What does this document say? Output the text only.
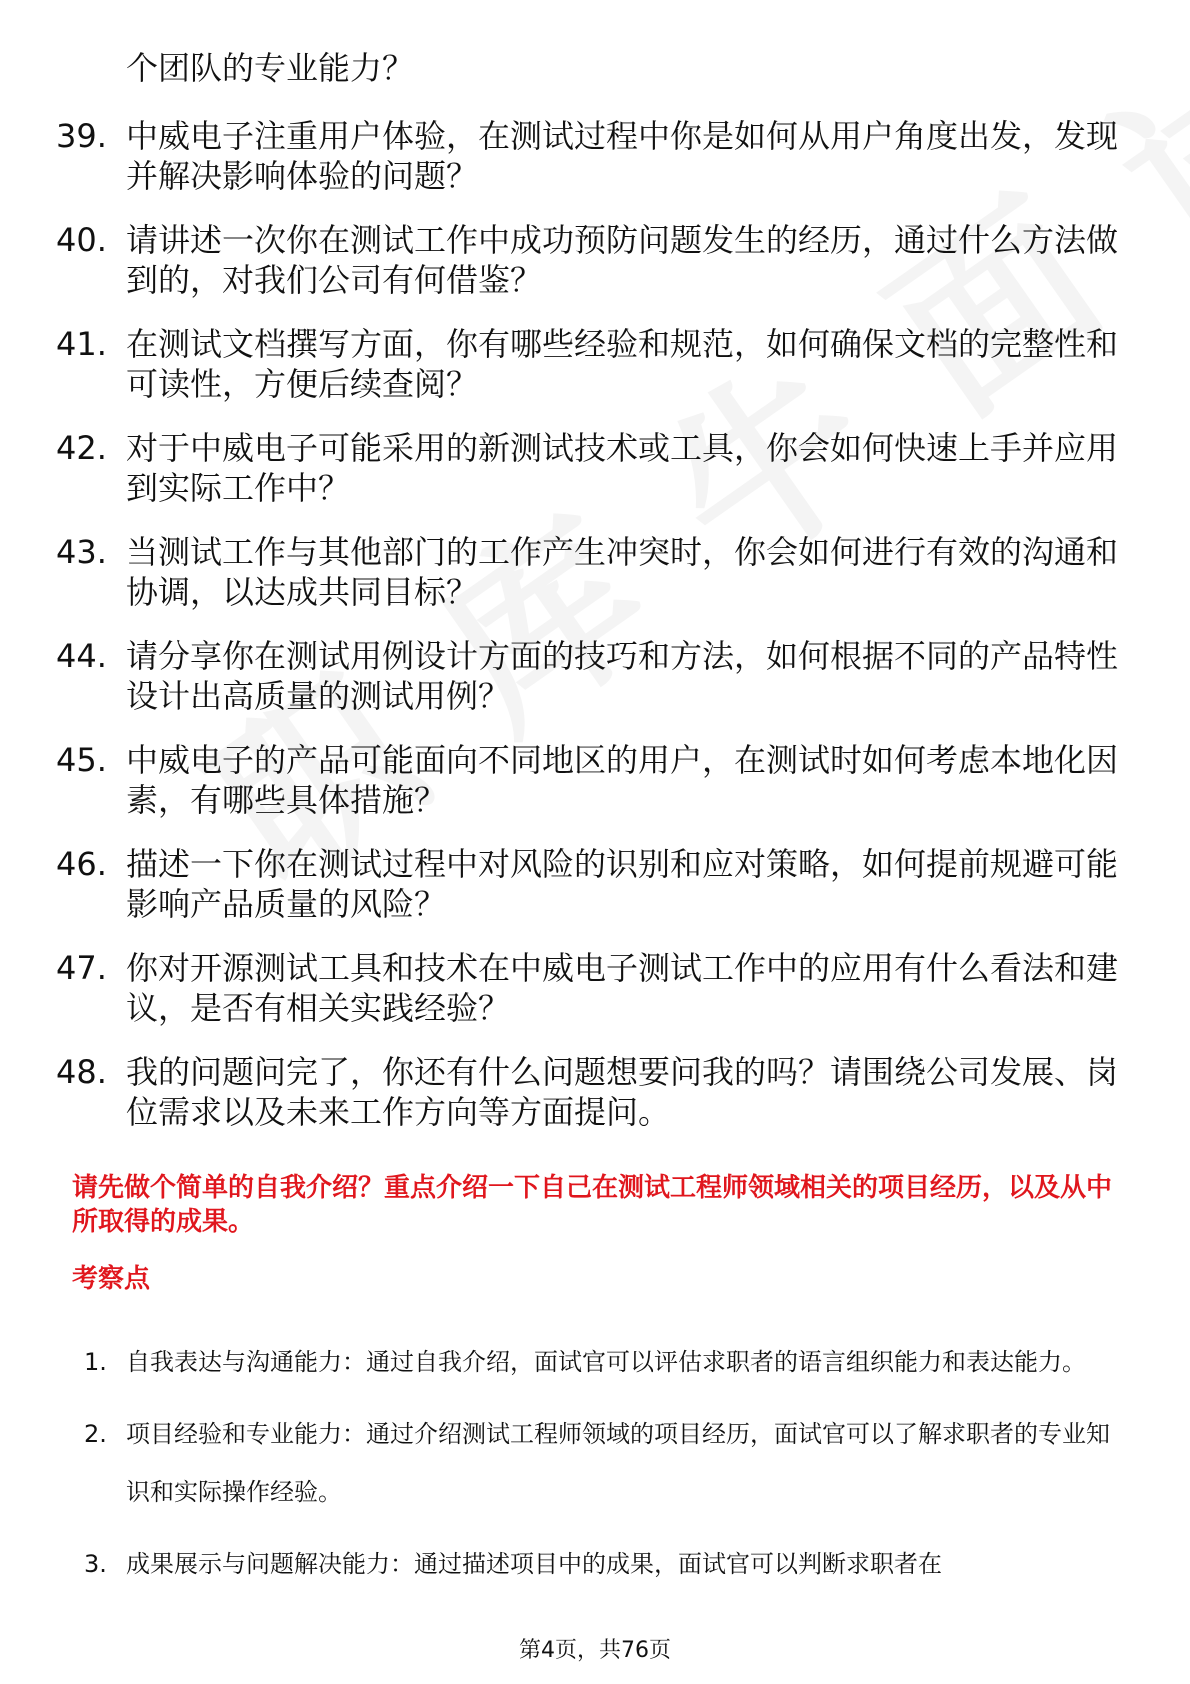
个团队的专业能力？
39. 中威电子注重用户体验，在测试过程中你是如何从用户角度出发，发现并解决影响体验的问题？
40. 请讲述一次你在测试工作中成功预防问题发生的经历，通过什么方法做到的，对我们公司有何借鉴？
41. 在测试文档撰写方面，你有哪些经验和规范，如何确保文档的完整性和可读性，方便后续查阅？
42. 对于中威电子可能采用的新测试技术或工具，你会如何快速上手并应用到实际工作中？
43. 当测试工作与其他部门的工作产生冲突时，你会如何进行有效的沟通和协调，以达成共同目标？
44. 请分享你在测试用例设计方面的技巧和方法，如何根据不同的产品特性设计出高质量的测试用例？
45. 中威电子的产品可能面向不同地区的用户，在测试时如何考虑本地化因素，有哪些具体措施？
46. 描述一下你在测试过程中对风险的识别和应对策略，如何提前规避可能影响产品质量的风险？
47. 你对开源测试工具和技术在中威电子测试工作中的应用有什么看法和建议，是否有相关实践经验？
48. 我的问题问完了，你还有什么问题想要问我的吗？请围绕公司发展、岗位需求以及未来工作方向等方面提问。
请先做个简单的自我介绍？重点介绍一下自己在测试工程师领域相关的项目经历，以及从中所取得的成果。
考察点
1. 自我表达与沟通能力：通过自我介绍，面试官可以评估求职者的语言组织能力和表达能力。
2. 项目经验和专业能力：通过介绍测试工程师领域的项目经历，面试官可以了解求职者的专业知识和实际操作经验。
3. 成果展示与问题解决能力：通过描述项目中的成果，面试官可以判断求职者在
第4页，共76页
